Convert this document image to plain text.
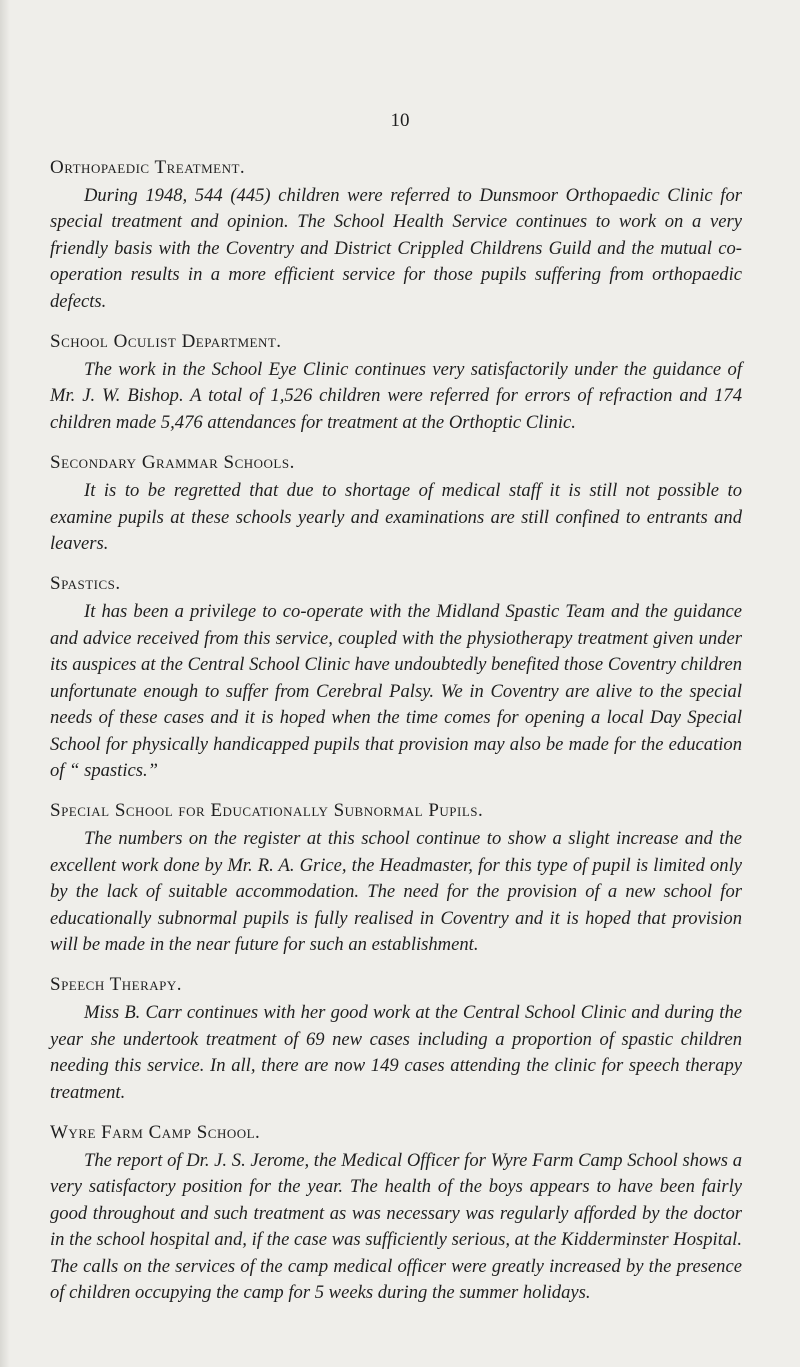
10
Orthopaedic Treatment.

During 1948, 544 (445) children were referred to Dunsmoor Orthopaedic Clinic for special treatment and opinion. The School Health Service continues to work on a very friendly basis with the Coventry and District Crippled Childrens Guild and the mutual co-operation results in a more efficient service for those pupils suffering from orthopaedic defects.

School Oculist Department.

The work in the School Eye Clinic continues very satisfactorily under the guidance of Mr. J. W. Bishop. A total of 1,526 children were referred for errors of refraction and 174 children made 5,476 attendances for treatment at the Orthoptic Clinic.

Secondary Grammar Schools.

It is to be regretted that due to shortage of medical staff it is still not possible to examine pupils at these schools yearly and examinations are still confined to entrants and leavers.

Spastics.

It has been a privilege to co-operate with the Midland Spastic Team and the guidance and advice received from this service, coupled with the physiotherapy treatment given under its auspices at the Central School Clinic have undoubtedly benefited those Coventry children unfortunate enough to suffer from Cerebral Palsy. We in Coventry are alive to the special needs of these cases and it is hoped when the time comes for opening a local Day Special School for physically handicapped pupils that provision may also be made for the education of “ spastics.”

Special School for Educationally Subnormal Pupils.

The numbers on the register at this school continue to show a slight increase and the excellent work done by Mr. R. A. Grice, the Headmaster, for this type of pupil is limited only by the lack of suitable accommodation. The need for the provision of a new school for educationally subnormal pupils is fully realised in Coventry and it is hoped that provision will be made in the near future for such an establishment.

Speech Therapy.

Miss B. Carr continues with her good work at the Central School Clinic and during the year she undertook treatment of 69 new cases including a proportion of spastic children needing this service. In all, there are now 149 cases attending the clinic for speech therapy treatment.

Wyre Farm Camp School.

The report of Dr. J. S. Jerome, the Medical Officer for Wyre Farm Camp School shows a very satisfactory position for the year. The health of the boys appears to have been fairly good throughout and such treatment as was necessary was regularly afforded by the doctor in the school hospital and, if the case was sufficiently serious, at the Kidderminster Hospital. The calls on the services of the camp medical officer were greatly increased by the presence of children occupying the camp for 5 weeks during the summer holidays.
